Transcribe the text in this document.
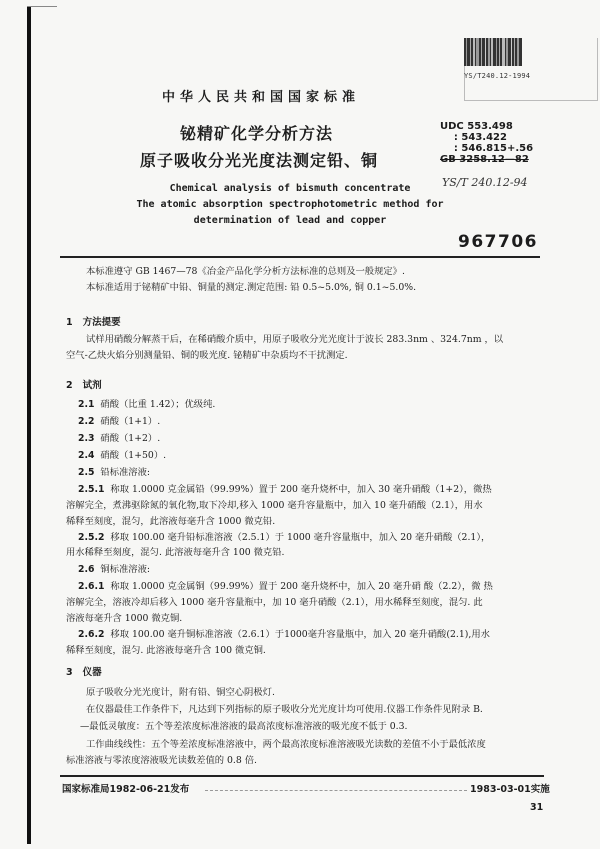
YS/T240.12-1994
中华人民共和国国家标准
铋精矿化学分析方法
原子吸收分光光度法测定铅、铜
UDC 553.498
: 543.422
: 546.815+.56
GB 3258.12—82
YS/T 240.12-94
Chemical analysis of bismuth concentrate
The atomic absorption spectrophotometric method for
determination of lead and copper
967706
本标准遵守 GB 1467—78《冶金产品化学分析方法标准的总则及一般规定》.
本标准适用于铋精矿中铅、铜量的测定.测定范围: 铅 0.5~5.0%, 铜 0.1~5.0%.
1 方法提要
试样用硝酸分解蒸干后，在稀硝酸介质中，用原子吸收分光光度计于波长 283.3nm 、324.7nm ，以
空气-乙炔火焰分别测量铅、铜的吸光度. 铋精矿中杂质均不干扰测定.
2 试剂
2.1 硝酸（比重 1.42）；优级纯.
2.2 硝酸（1+1）.
2.3 硝酸（1+2）.
2.4 硝酸（1+50）.
2.5 铅标准溶液:
2.5.1 称取 1.0000 克金属铅（99.99%）置于 200 毫升烧杯中，加入 30 毫升硝酸（1+2），微热
溶解完全，煮沸驱除氮的氧化物,取下冷却,移入 1000 毫升容量瓶中，加入 10 毫升硝酸（2.1），用水
稀释至刻度，混匀，此溶液每毫升含 1000 微克铅.
2.5.2 移取 100.00 毫升铅标准溶液（2.5.1）于 1000 毫升容量瓶中，加入 20 毫升硝酸（2.1），
用水稀释至刻度，混匀. 此溶液每毫升含 100 微克铅.
2.6 铜标准溶液:
2.6.1 称取 1.0000 克金属铜（99.99%）置于 200 毫升烧杯中，加入 20 毫升硝 酸（2.2），微 热
溶解完全，溶液冷却后移入 1000 毫升容量瓶中，加 10 毫升硝酸（2.1），用水稀释至刻度，混匀. 此
溶液每毫升含 1000 微克铜.
2.6.2 移取 100.00 毫升铜标准溶液（2.6.1）于1000毫升容量瓶中，加入 20 毫升硝酸(2.1),用水
稀释至刻度，混匀. 此溶液每毫升含 100 微克铜.
3 仪器
原子吸收分光光度计，附有铅、铜空心阴极灯.
在仪器最佳工作条件下，凡达到下列指标的原子吸收分光光度计均可使用.仪器工作条件见附录 B.
—最低灵敏度：五个等差浓度标准溶液的最高浓度标准溶液的吸光度不低于 0.3.
工作曲线线性：五个等差浓度标准溶液中，两个最高浓度标准溶液吸光读数的差值不小于最低浓度
标准溶液与零浓度溶液吸光读数差值的 0.8 倍.
国家标准局1982-06-21发布	1983-03-01实施
31
